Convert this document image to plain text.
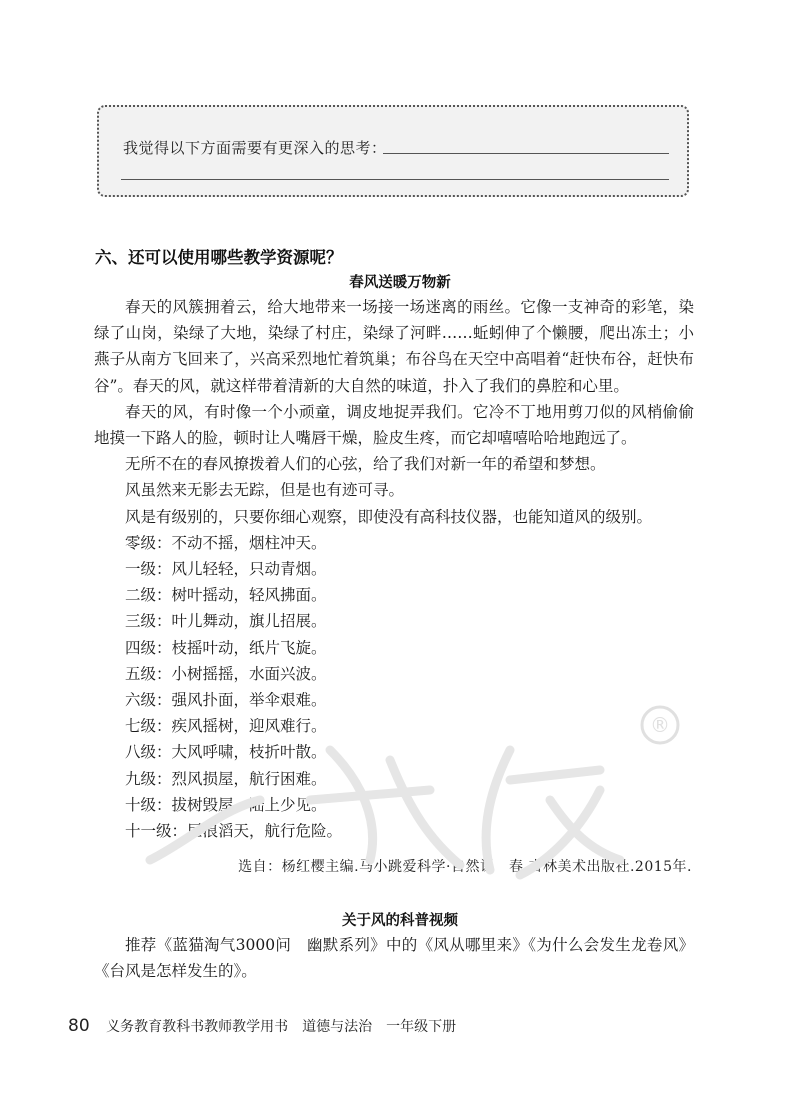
我觉得以下方面需要有更深入的思考：
六、还可以使用哪些教学资源呢？
春风送暖万物新

春天的风簇拥着云，给大地带来一场接一场迷离的雨丝。它像一支神奇的彩笔，染绿了山岗，染绿了大地，染绿了村庄，染绿了河畔……蚯蚓伸了个懒腰，爬出冻土；小燕子从南方飞回来了，兴高采烈地忙着筑巢；布谷鸟在天空中高唱着“赶快布谷，赶快布谷”。春天的风，就这样带着清新的大自然的味道，扑入了我们的鼻腔和心里。

春天的风，有时像一个小顽童，调皮地捉弄我们。它冷不丁地用剪刀似的风梢偷偷地摸一下路人的脸，顿时让人嘴唇干燥，脸皮生疼，而它却嘻嘻哈哈地跑远了。

无所不在的春风撩拨着人们的心弦，给了我们对新一年的希望和梦想。

风虽然来无影去无踪，但是也有迹可寻。

风是有级别的，只要你细心观察，即使没有高科技仪器，也能知道风的级别。

零级：不动不摇，烟柱冲天。
一级：风儿轻轻，只动青烟。
二级：树叶摇动，轻风拂面。
三级：叶儿舞动，旗儿招展。
四级：枝摇叶动，纸片飞旋。
五级：小树摇摇，水面兴波。
六级：强风扑面，举伞艰难。
七级：疾风摇树，迎风难行。
八级：大风呼啸，枝折叶散。
九级：烈风损屋，航行困难。
十级：拔树毁屋，陆上少见。
十一级：巨浪滔天，航行危险。
选自：杨红樱主编.马小跳爱科学·自然课　春.吉林美术出版社.2015年.
关于风的科普视频

推荐《蓝猫淘气3000问　幽默系列》中的《风从哪里来》《为什么会发生龙卷风》《台风是怎样发生的》。

80 义务教育教科书教师教学用书　道德与法治　一年级下册
®
